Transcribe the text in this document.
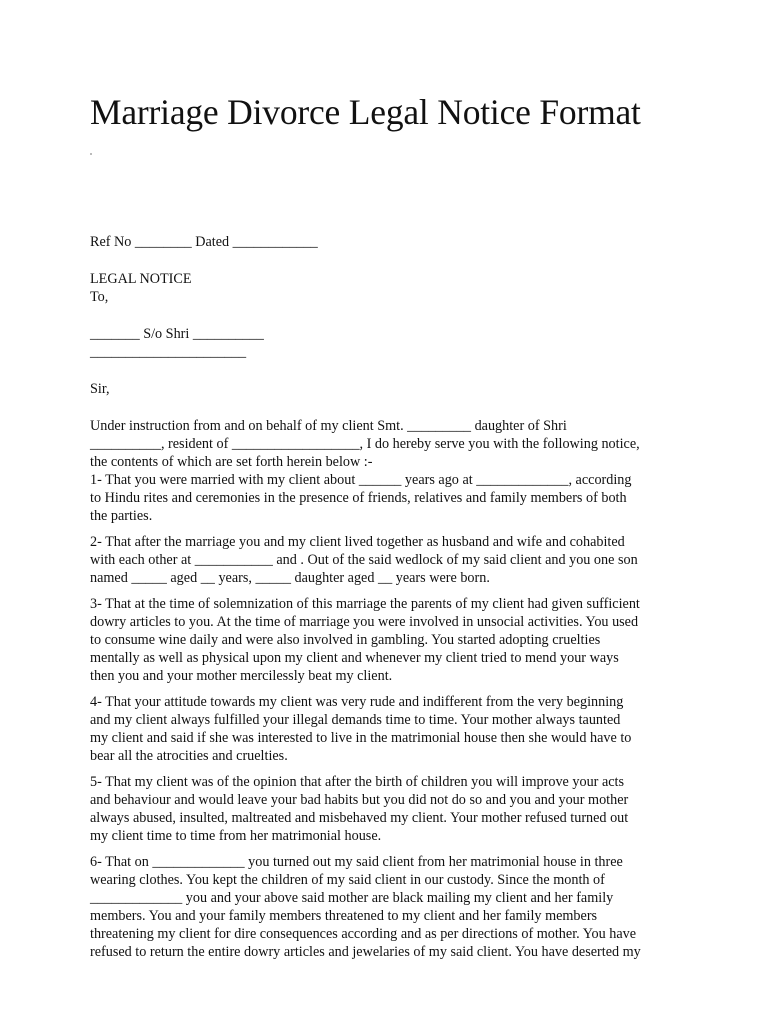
Marriage Divorce Legal Notice Format

Ref No ________ Dated ____________

LEGAL NOTICE

To,

_______ S/o Shri __________

______________________

Sir,

Under instruction from and on behalf of my client Smt. _________ daughter of Shri

__________, resident of __________________, I do hereby serve you with the following notice,

the contents of which are set forth herein below :-

1- That you were married with my client about ______ years ago at _____________, according

to Hindu rites and ceremonies in the presence of friends, relatives and family members of both

the parties.

2- That after the marriage you and my client lived together as husband and wife and cohabited

with each other at ___________ and . Out of the said wedlock of my said client and you one son

named _____ aged __ years, _____ daughter aged __ years were born.

3- That at the time of solemnization of this marriage the parents of my client had given sufficient

dowry articles to you. At the time of marriage you were involved in unsocial activities. You used

to consume wine daily and were also involved in gambling. You started adopting cruelties

mentally as well as physical upon my client and whenever my client tried to mend your ways

then you and your mother mercilessly beat my client.

4- That your attitude towards my client was very rude and indifferent from the very beginning

and my client always fulfilled your illegal demands time to time. Your mother always taunted

my client and said if she was interested to live in the matrimonial house then she would have to

bear all the atrocities and cruelties.

5- That my client was of the opinion that after the birth of children you will improve your acts

and behaviour and would leave your bad habits but you did not do so and you and your mother

always abused, insulted, maltreated and misbehaved my client. Your mother refused turned out

my client time to time from her matrimonial house.

6- That on _____________ you turned out my said client from her matrimonial house in three

wearing clothes. You kept the children of my said client in our custody. Since the month of

_____________ you and your above said mother are black mailing my client and her family

members. You and your family members threatened to my client and her family members

threatening my client for dire consequences according and as per directions of mother. You have

refused to return the entire dowry articles and jewelaries of my said client. You have deserted my
